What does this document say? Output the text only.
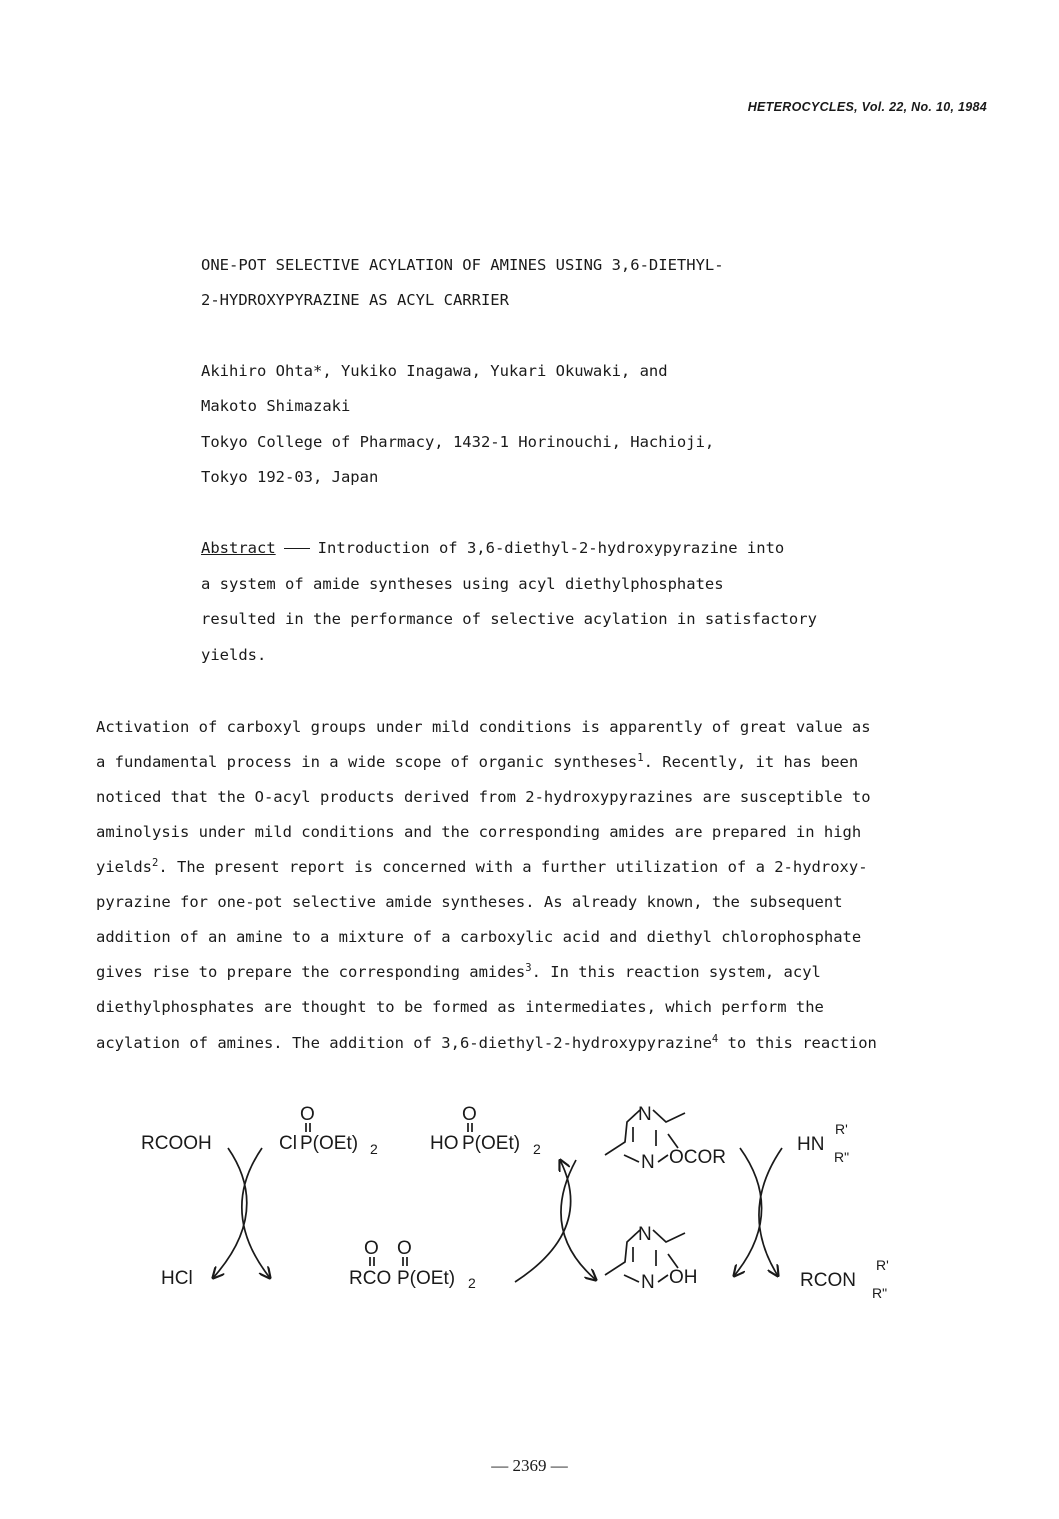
HETEROCYCLES, Vol. 22, No. 10, 1984
ONE-POT SELECTIVE ACYLATION OF AMINES USING 3,6-DIETHYL-
2-HYDROXYPYRAZINE AS ACYL CARRIER
Akihiro Ohta*, Yukiko Inagawa, Yukari Okuwaki, and
Makoto Shimazaki
Tokyo College of Pharmacy, 1432-1 Horinouchi, Hachioji,
Tokyo 192-03, Japan
Abstract	Introduction of 3,6-diethyl-2-hydroxypyrazine into
a system of amide syntheses using acyl diethylphosphates
resulted in the performance of selective acylation in satisfactory
yields.
Activation of carboxyl groups under mild conditions is apparently of great value as
a fundamental process in a wide scope of organic syntheses$^1$. Recently, it has been
noticed that the O-acyl products derived from 2-hydroxypyrazines are susceptible to
aminolysis under mild conditions and the corresponding amides are prepared in high
yields$^2$. The present report is concerned with a further utilization of a 2-hydroxy-
pyrazine for one-pot selective amide syntheses. As already known, the subsequent
addition of an amine to a mixture of a carboxylic acid and diethyl chlorophosphate
gives rise to prepare the corresponding amides$^3$. In this reaction system, acyl
diethylphosphates are thought to be formed as intermediates, which perform the
acylation of amines. The addition of 3,6-diethyl-2-hydroxypyrazine$^4$ to this reaction
RCOOH
O
Cl P(OEt) 2
O
HO P(OEt) 2
N
N OCOR
HN
R'
R"
HCl
O O
RCO P(OEt) 2
N
N OH	RCON
R'
R"
— 2369 —
